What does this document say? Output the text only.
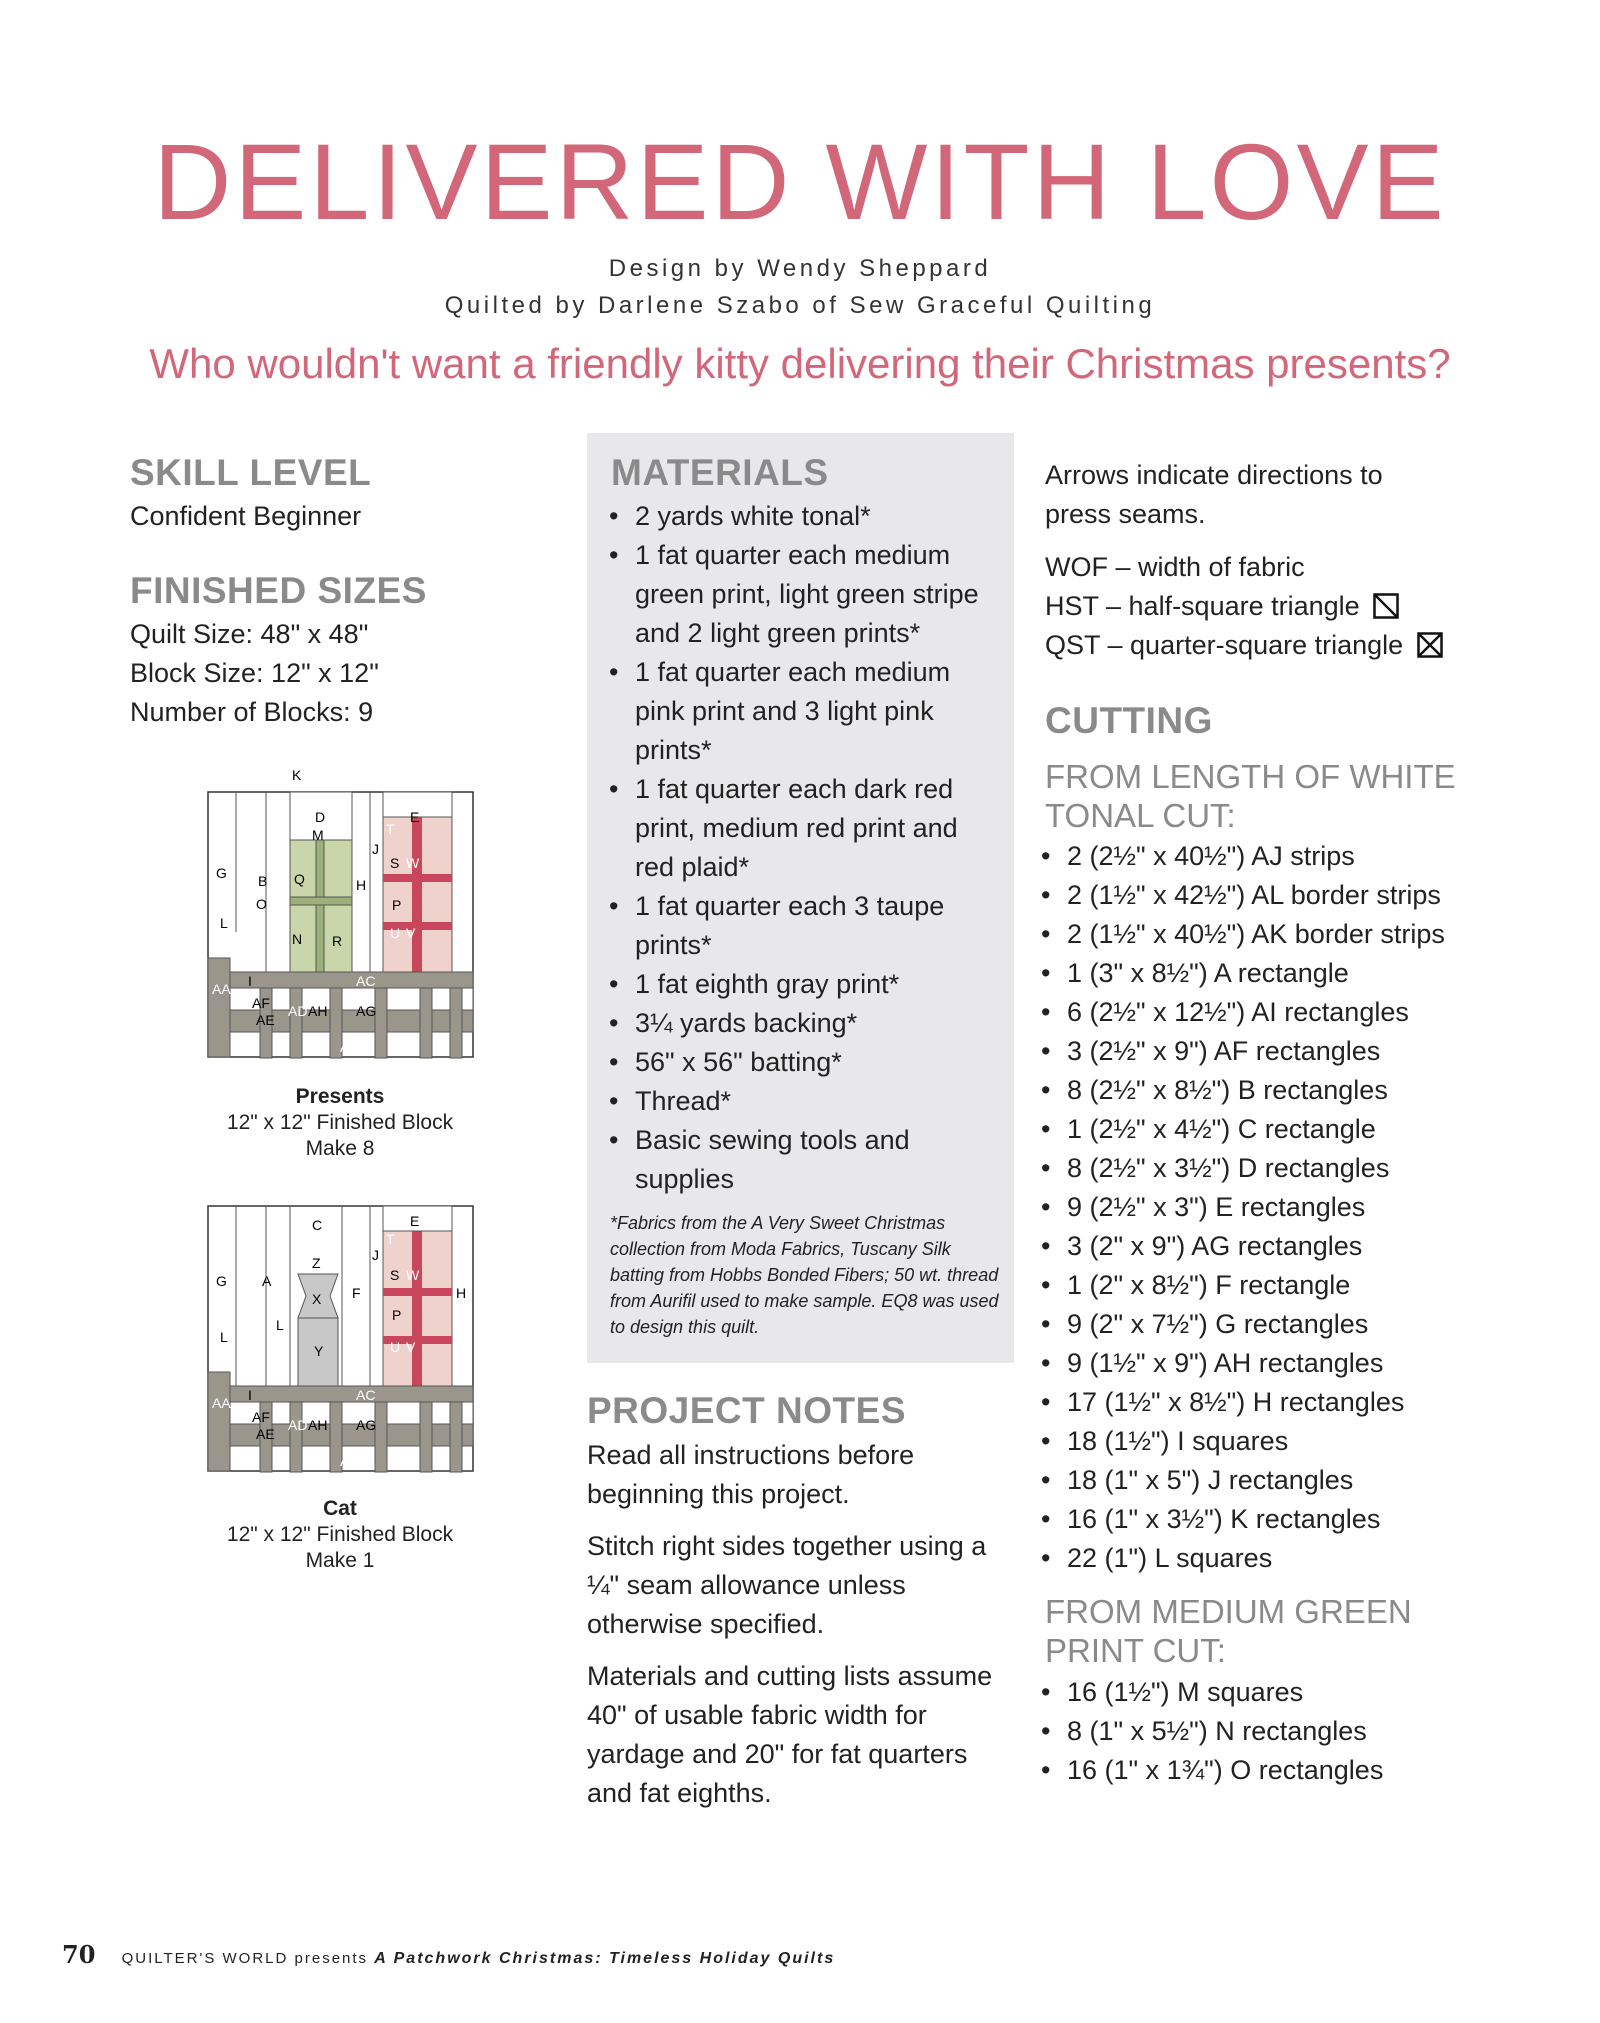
DELIVERED WITH LOVE
Design by Wendy Sheppard
Quilted by Darlene Szabo of Sew Graceful Quilting
Who wouldn't want a friendly kitty delivering their Christmas presents?
SKILL LEVEL
Confident Beginner
FINISHED SIZES
Quilt Size: 48" x 48"
Block Size: 12" x 12"
Number of Blocks: 9
K
D
M
E
T
J
S W
G B Q	H
O	P
L
N R	U V
I	AC
AA
AF
AE
AD AH AG
AB
Presents
12" x 12" Finished Block
Make 8
C	E
T
J
Z
S W
G	A
F	H
X
P
L
L
Y	U V
I	AC
AA
AF
AE
AD AH AG
AB
Cat
12" x 12" Finished Block
Make 1
MATERIALS
• 2 yards white tonal*
• 1 fat quarter each medium green print, light green stripe and 2 light green prints*
• 1 fat quarter each medium pink print and 3 light pink prints*
• 1 fat quarter each dark red print, medium red print and red plaid*
• 1 fat quarter each 3 taupe prints*
• 1 fat eighth gray print*
• 3¼ yards backing*
• 56" x 56" batting*
• Thread*
• Basic sewing tools and supplies
*Fabrics from the A Very Sweet Christmas collection from Moda Fabrics, Tuscany Silk batting from Hobbs Bonded Fibers; 50 wt. thread from Aurifil used to make sample. EQ8 was used to design this quilt.
PROJECT NOTES
Read all instructions before beginning this project.
Stitch right sides together using a ¼" seam allowance unless otherwise specified.
Materials and cutting lists assume 40" of usable fabric width for yardage and 20" for fat quarters and fat eighths.
Arrows indicate directions to press seams.
WOF – width of fabric
HST – half-square triangle
QST – quarter-square triangle
CUTTING
FROM LENGTH OF WHITE TONAL CUT:
• 2 (2½" x 40½") AJ strips
• 2 (1½" x 42½") AL border strips
• 2 (1½" x 40½") AK border strips
• 1 (3" x 8½") A rectangle
• 6 (2½" x 12½") AI rectangles
• 3 (2½" x 9") AF rectangles
• 8 (2½" x 8½") B rectangles
• 1 (2½" x 4½") C rectangle
• 8 (2½" x 3½") D rectangles
• 9 (2½" x 3") E rectangles
• 3 (2" x 9") AG rectangles
• 1 (2" x 8½") F rectangle
• 9 (2" x 7½") G rectangles
• 9 (1½" x 9") AH rectangles
• 17 (1½" x 8½") H rectangles
• 18 (1½") I squares
• 18 (1" x 5") J rectangles
• 16 (1" x 3½") K rectangles
• 22 (1") L squares
FROM MEDIUM GREEN PRINT CUT:
• 16 (1½") M squares
• 8 (1" x 5½") N rectangles
• 16 (1" x 1¾") O rectangles
70 QUILTER'S WORLD presents A Patchwork Christmas: Timeless Holiday Quilts
